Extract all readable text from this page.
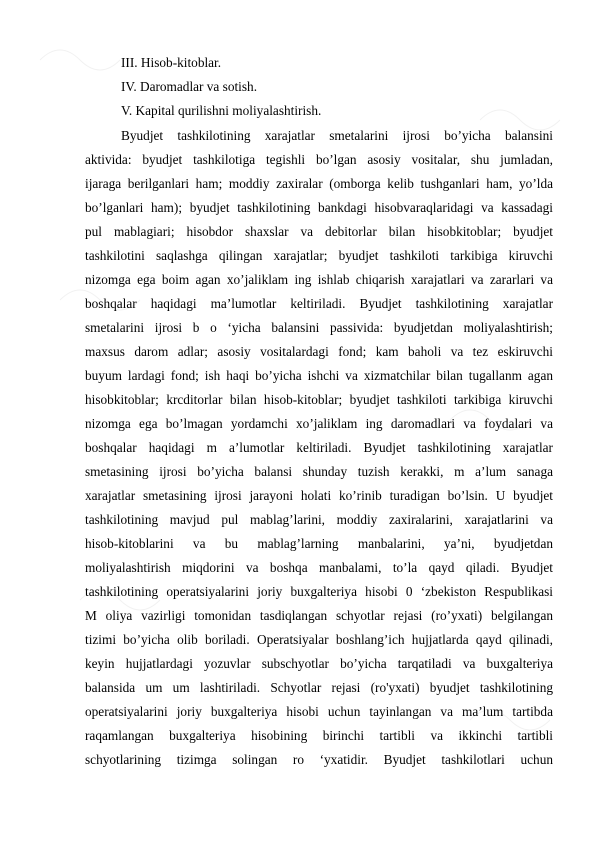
III. Hisob-kitoblar.
IV. Daromadlar va sotish.
V. Kapital qurilishni moliyalashtirish.
Byudjet tashkilotining xarajatlar smetalarini ijrosi bo’yicha balansini
aktivida: byudjet tashkilotiga tegishli bo’lgan asosiy vositalar, shu jumladan,
ijaraga berilganlari ham; moddiy zaxiralar (omborga kelib tushganlari ham, yo’lda
bo’lganlari ham); byudjet tashkilotining bankdagi hisobvaraqlaridagi va kassadagi
pul mablagiari; hisobdor shaxslar va debitorlar bilan hisobkitoblar; byudjet
tashkilotini saqlashga qilingan xarajatlar; byudjet tashkiloti tarkibiga kiruvchi
nizomga ega boim agan xo’jaliklam ing ishlab chiqarish xarajatlari va zararlari va
boshqalar haqidagi ma’lumotlar keltiriladi. Byudjet tashkilotining xarajatlar
smetalarini ijrosi b o ‘yicha balansini passivida: byudjetdan moliyalashtirish;
maxsus darom adlar; asosiy vositalardagi fond; kam baholi va tez eskiruvchi
buyum lardagi fond; ish haqi bo’yicha ishchi va xizmatchilar bilan tugallanm agan
hisobkitoblar; krcditorlar bilan hisob-kitoblar; byudjet tashkiloti tarkibiga kiruvchi
nizomga ega bo’lmagan yordamchi xo’jaliklam ing daromadlari va foydalari va
boshqalar haqidagi m a’lumotlar keltiriladi. Byudjet tashkilotining xarajatlar
smetasining ijrosi bo’yicha balansi shunday tuzish kerakki, m a’lum sanaga
xarajatlar smetasining ijrosi jarayoni holati ko’rinib turadigan bo’lsin. U byudjet
tashkilotining mavjud pul mablag’larini, moddiy zaxiralarini, xarajatlarini va
hisob-kitoblarini va bu mablag’larning manbalarini, ya’ni, byudjetdan
moliyalashtirish miqdorini va boshqa manbalami, to’la qayd qiladi. Byudjet
tashkilotining operatsiyalarini joriy buxgalteriya hisobi 0 ‘zbekiston Respublikasi
M oliya vazirligi tomonidan tasdiqlangan schyotlar rejasi (ro’yxati) belgilangan
tizimi bo’yicha olib boriladi. Operatsiyalar boshlang’ich hujjatlarda qayd qilinadi,
keyin hujjatlardagi yozuvlar subschyotlar bo’yicha tarqatiladi va buxgalteriya
balansida um um lashtiriladi. Schyotlar rejasi (ro'yxati) byudjet tashkilotining
operatsiyalarini joriy buxgalteriya hisobi uchun tayinlangan va ma’lum tartibda
raqamlangan buxgalteriya hisobining birinchi tartibli va ikkinchi tartibli
schyotlarining tizimga solingan ro ‘yxatidir. Byudjet tashkilotlari uchun
